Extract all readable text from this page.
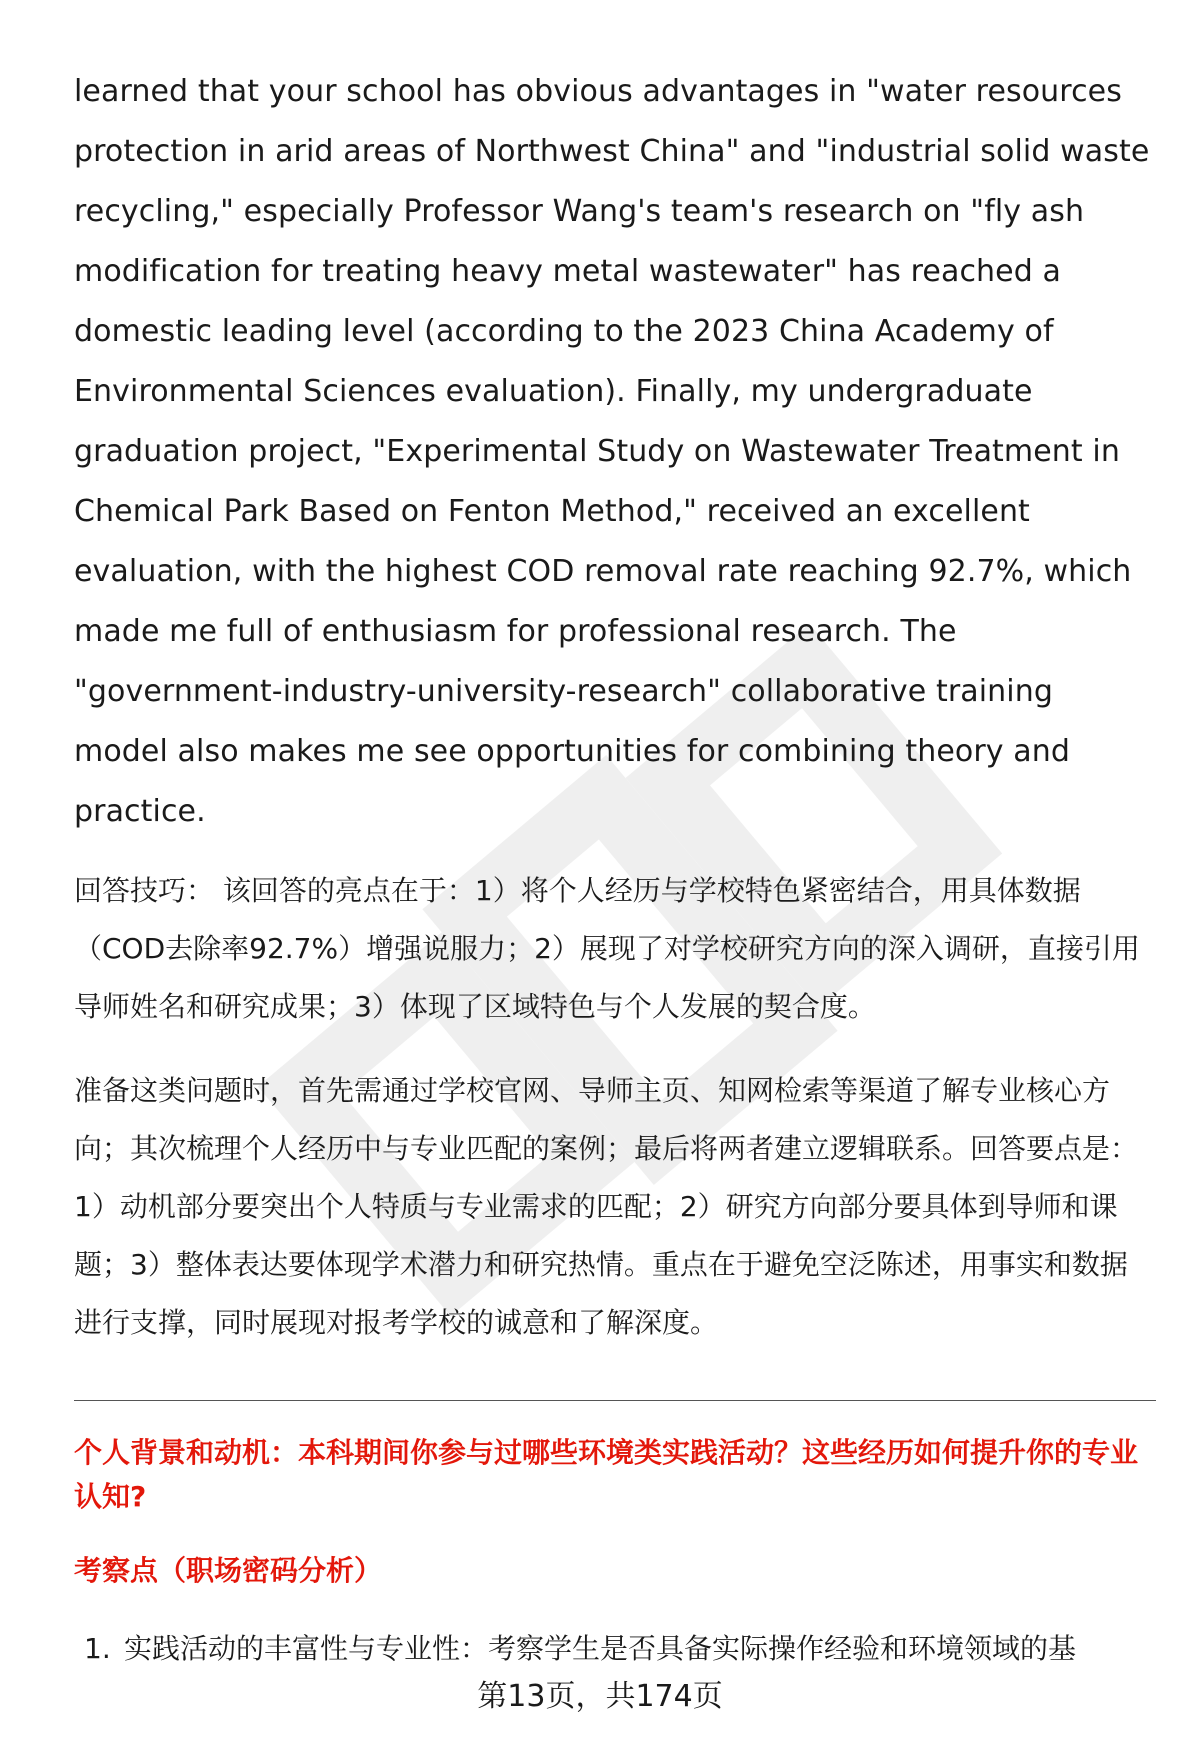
learned that your school has obvious advantages in "water resources protection in arid areas of Northwest China" and "industrial solid waste recycling," especially Professor Wang's team's research on "fly ash modification for treating heavy metal wastewater" has reached a domestic leading level (according to the 2023 China Academy of Environmental Sciences evaluation). Finally, my undergraduate graduation project, "Experimental Study on Wastewater Treatment in Chemical Park Based on Fenton Method," received an excellent evaluation, with the highest COD removal rate reaching 92.7%, which made me full of enthusiasm for professional research. The "government-industry-university-research" collaborative training model also makes me see opportunities for combining theory and practice.

回答技巧： 该回答的亮点在于：1）将个人经历与学校特色紧密结合，用具体数据（COD去除率92.7%）增强说服力；2）展现了对学校研究方向的深入调研，直接引用导师姓名和研究成果；3）体现了区域特色与个人发展的契合度。

准备这类问题时，首先需通过学校官网、导师主页、知网检索等渠道了解专业核心方向；其次梳理个人经历中与专业匹配的案例；最后将两者建立逻辑联系。回答要点是：1）动机部分要突出个人特质与专业需求的匹配；2）研究方向部分要具体到导师和课题；3）整体表达要体现学术潜力和研究热情。重点在于避免空泛陈述，用事实和数据进行支撑，同时展现对报考学校的诚意和了解深度。

个人背景和动机：本科期间你参与过哪些环境类实践活动？这些经历如何提升你的专业认知?
考察点（职场密码分析）
1. 实践活动的丰富性与专业性：考察学生是否具备实际操作经验和环境领域的基
第13页，共174页
